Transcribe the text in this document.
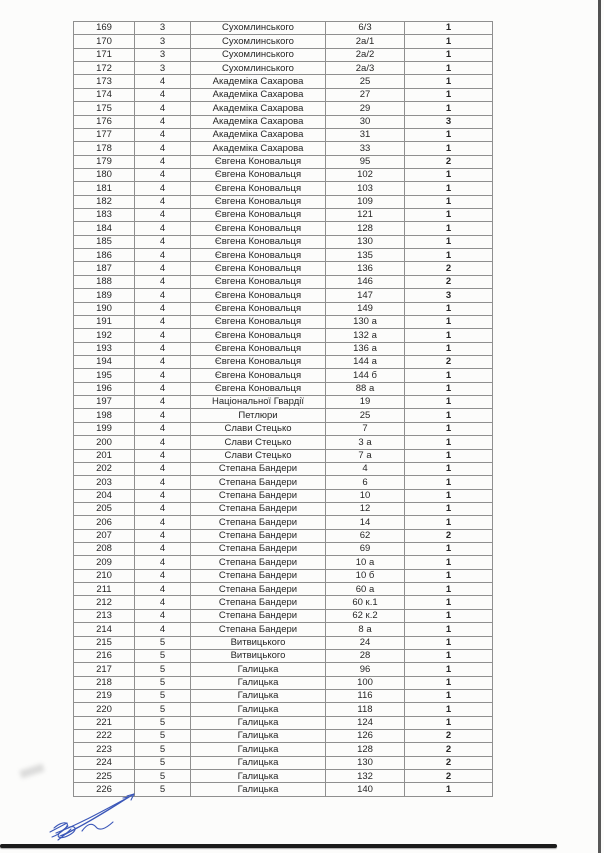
169	3	Сухомлинського	6/3	1
170	3	Сухомлинського	2а/1	1
171	3	Сухомлинського	2а/2	1
172	3	Сухомлинського	2а/3	1
173	4	Академіка Сахарова	25	1
174	4	Академіка Сахарова	27	1
175	4	Академіка Сахарова	29	1
176	4	Академіка Сахарова	30	3
177	4	Академіка Сахарова	31	1
178	4	Академіка Сахарова	33	1
179	4	Євгена Коновальця	95	2
180	4	Євгена Коновальця	102	1
181	4	Євгена Коновальця	103	1
182	4	Євгена Коновальця	109	1
183	4	Євгена Коновальця	121	1
184	4	Євгена Коновальця	128	1
185	4	Євгена Коновальця	130	1
186	4	Євгена Коновальця	135	1
187	4	Євгена Коновальця	136	2
188	4	Євгена Коновальця	146	2
189	4	Євгена Коновальця	147	3
190	4	Євгена Коновальця	149	1
191	4	Євгена Коновальця	130 а	1
192	4	Євгена Коновальця	132 а	1
193	4	Євгена Коновальця	136 а	1
194	4	Євгена Коновальця	144 а	2
195	4	Євгена Коновальця	144 б	1
196	4	Євгена Коновальця	88 а	1
197	4	Національної Гвардії	19	1
198	4	Петлюри	25	1
199	4	Слави Стецько	7	1
200	4	Слави Стецько	3 а	1
201	4	Слави Стецько	7 а	1
202	4	Степана Бандери	4	1
203	4	Степана Бандери	6	1
204	4	Степана Бандери	10	1
205	4	Степана Бандери	12	1
206	4	Степана Бандери	14	1
207	4	Степана Бандери	62	2
208	4	Степана Бандери	69	1
209	4	Степана Бандери	10 а	1
210	4	Степана Бандери	10 б	1
211	4	Степана Бандери	60 а	1
212	4	Степана Бандери	60 к.1	1
213	4	Степана Бандери	62 к.2	1
214	4	Степана Бандери	8 а	1
215	5	Витвицького	24	1
216	5	Витвицького	28	1
217	5	Галицька	96	1
218	5	Галицька	100	1
219	5	Галицька	116	1
220	5	Галицька	118	1
221	5	Галицька	124	1
222	5	Галицька	126	2
223	5	Галицька	128	2
224	5	Галицька	130	2
225	5	Галицька	132	2
226	5	Галицька	140	1
